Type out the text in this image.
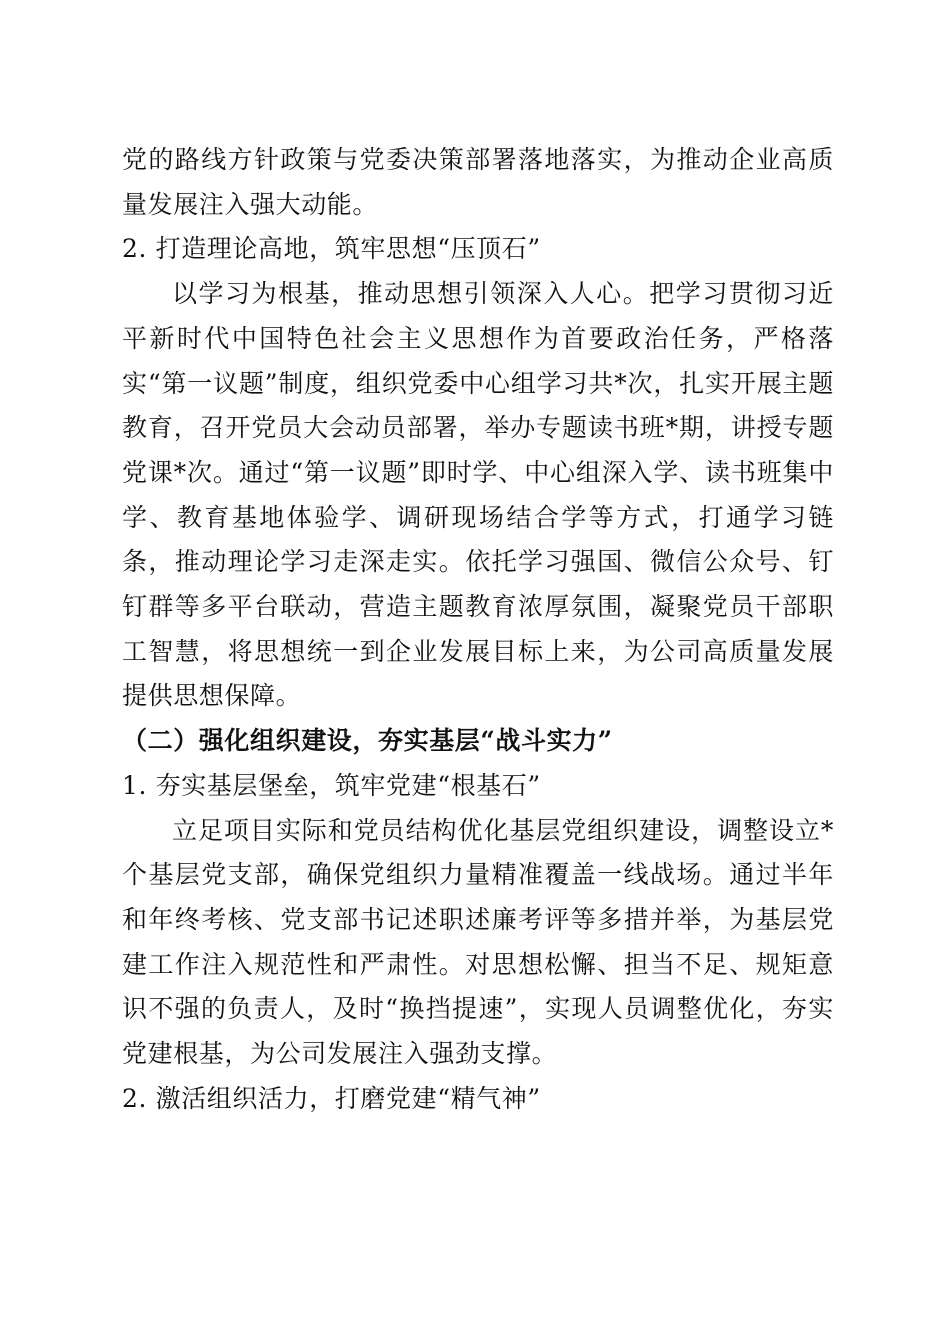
党的路线方针政策与党委决策部署落地落实，为推动企业高质量发展注入强大动能。

2. 打造理论高地，筑牢思想“压顶石”

以学习为根基，推动思想引领深入人心。把学习贯彻习近平新时代中国特色社会主义思想作为首要政治任务，严格落实“第一议题”制度，组织党委中心组学习共*次，扎实开展主题教育，召开党员大会动员部署，举办专题读书班*期，讲授专题党课*次。通过“第一议题”即时学、中心组深入学、读书班集中学、教育基地体验学、调研现场结合学等方式，打通学习链条，推动理论学习走深走实。依托学习强国、微信公众号、钉钉群等多平台联动，营造主题教育浓厚氛围，凝聚党员干部职工智慧，将思想统一到企业发展目标上来，为公司高质量发展提供思想保障。

（二）强化组织建设，夯实基层“战斗实力”

1. 夯实基层堡垒，筑牢党建“根基石”

立足项目实际和党员结构优化基层党组织建设，调整设立*个基层党支部，确保党组织力量精准覆盖一线战场。通过半年和年终考核、党支部书记述职述廉考评等多措并举，为基层党建工作注入规范性和严肃性。对思想松懈、担当不足、规矩意识不强的负责人，及时“换挡提速”，实现人员调整优化，夯实党建根基，为公司发展注入强劲支撑。

2. 激活组织活力，打磨党建“精气神”
